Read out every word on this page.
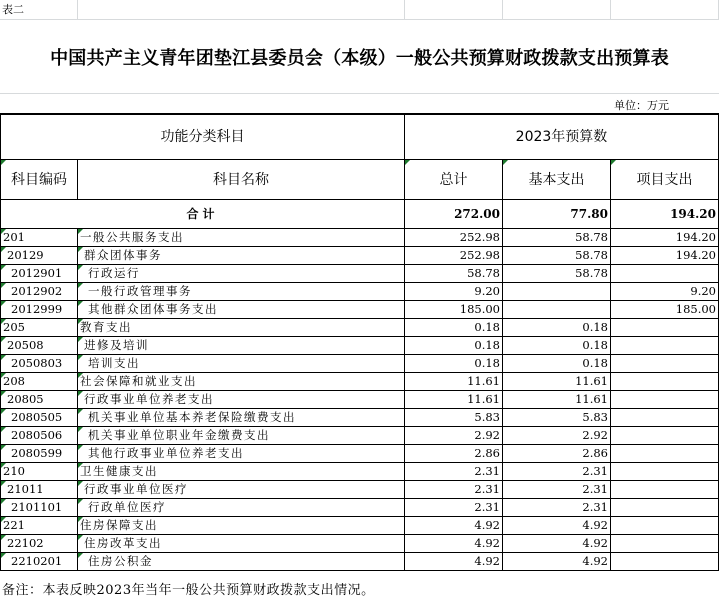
表二				
中国共产主义青年团垫江县委员会（本级）一般公共预算财政拨款支出预算表
单位：万元
功能分类科目		2023年预算数		

科目编码	科目名称	总计	基本支出	项目支出
合计		272.00	77.80	194.20

201	一般公共服务支出	252.98	58.78	194.20

20129	群众团体事务	252.98	58.78	194.20

2012901	行政运行	58.78	58.78	

2012902	一般行政管理事务	9.20		9.20

2012999	其他群众团体事务支出	185.00		185.00

205	教育支出	0.18	0.18	

20508	进修及培训	0.18	0.18	

2050803	培训支出	0.18	0.18	

208	社会保障和就业支出	11.61	11.61	

20805	行政事业单位养老支出	11.61	11.61	

2080505	机关事业单位基本养老保险缴费支出	5.83	5.83	

2080506	机关事业单位职业年金缴费支出	2.92	2.92	

2080599	其他行政事业单位养老支出	2.86	2.86	

210	卫生健康支出	2.31	2.31	

21011	行政事业单位医疗	2.31	2.31	

2101101	行政单位医疗	2.31	2.31	

221	住房保障支出	4.92	4.92	

22102	住房改革支出	4.92	4.92	

2210201	住房公积金	4.92	4.92	
备注：本表反映2023年当年一般公共预算财政拨款支出情况。
